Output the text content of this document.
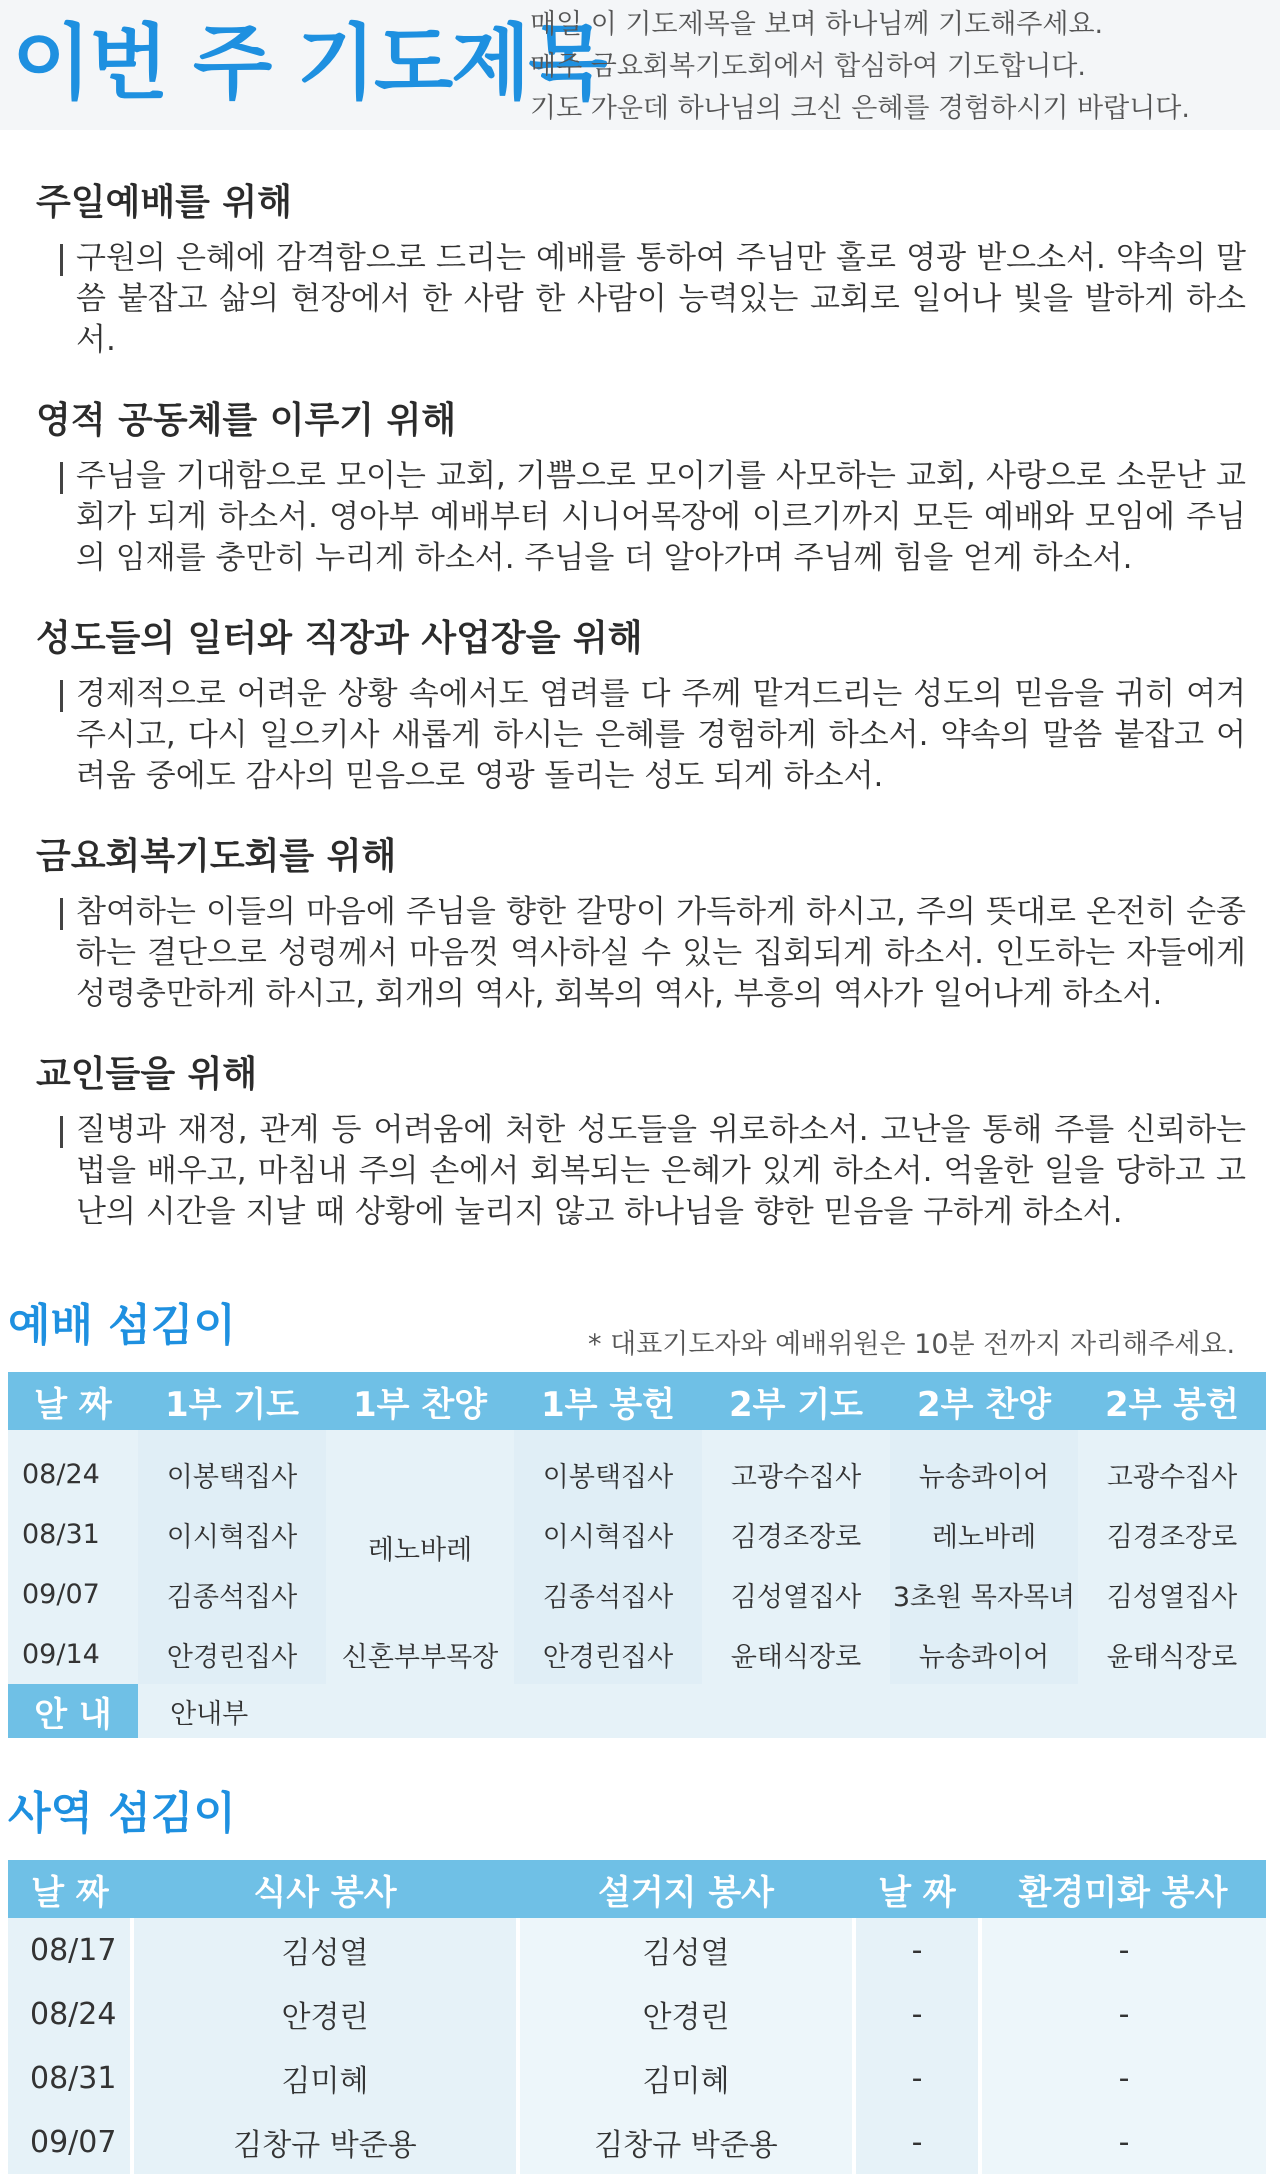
이번 주 기도제목
매일 이 기도제목을 보며 하나님께 기도해주세요.
매주 금요회복기도회에서 합심하여 기도합니다.
기도 가운데 하나님의 크신 은혜를 경험하시기 바랍니다.
주일예배를 위해
구원의 은혜에 감격함으로 드리는 예배를 통하여 주님만 홀로 영광 받으소서. 약속의 말씀 붙잡고 삶의 현장에서 한 사람 한 사람이 능력있는 교회로 일어나 빛을 발하게 하소서.
영적 공동체를 이루기 위해
주님을 기대함으로 모이는 교회, 기쁨으로 모이기를 사모하는 교회, 사랑으로 소문난 교회가 되게 하소서. 영아부 예배부터 시니어목장에 이르기까지 모든 예배와 모임에 주님의 임재를 충만히 누리게 하소서. 주님을 더 알아가며 주님께 힘을 얻게 하소서.
성도들의 일터와 직장과 사업장을 위해
경제적으로 어려운 상황 속에서도 염려를 다 주께 맡겨드리는 성도의 믿음을 귀히 여겨주시고, 다시 일으키사 새롭게 하시는 은혜를 경험하게 하소서. 약속의 말씀 붙잡고 어려움 중에도 감사의 믿음으로 영광 돌리는 성도 되게 하소서.
금요회복기도회를 위해
참여하는 이들의 마음에 주님을 향한 갈망이 가득하게 하시고, 주의 뜻대로 온전히 순종하는 결단으로 성령께서 마음껏 역사하실 수 있는 집회되게 하소서. 인도하는 자들에게 성령충만하게 하시고, 회개의 역사, 회복의 역사, 부흥의 역사가 일어나게 하소서.
교인들을 위해
질병과 재정, 관계 등 어려움에 처한 성도들을 위로하소서. 고난을 통해 주를 신뢰하는 법을 배우고, 마침내 주의 손에서 회복되는 은혜가 있게 하소서. 억울한 일을 당하고 고난의 시간을 지날 때 상황에 눌리지 않고 하나님을 향한 믿음을 구하게 하소서.
예배 섬김이	* 대표기도자와 예배위원은 10분 전까지 자리해주세요.
날 짜	1부 기도	1부 찬양	1부 봉헌	2부 기도	2부 찬양	2부 봉헌
08/24	이봉택집사	레노바레	이봉택집사	고광수집사	뉴송콰이어	고광수집사
08/31	이시혁집사		이시혁집사	김경조장로	레노바레	김경조장로
09/07	김종석집사		김종석집사	김성열집사	3초원 목자목녀	김성열집사
09/14	안경린집사	신혼부부목장	안경린집사	윤태식장로	뉴송콰이어	윤태식장로
안 내	안내부					
사역 섬김이
날 짜	식사 봉사	설거지 봉사	날 짜	환경미화 봉사
08/17	김성열	김성열	-	-
08/24	안경린	안경린	-	-
08/31	김미혜	김미혜	-	-
09/07	김창규 박준용	김창규 박준용	-	-
